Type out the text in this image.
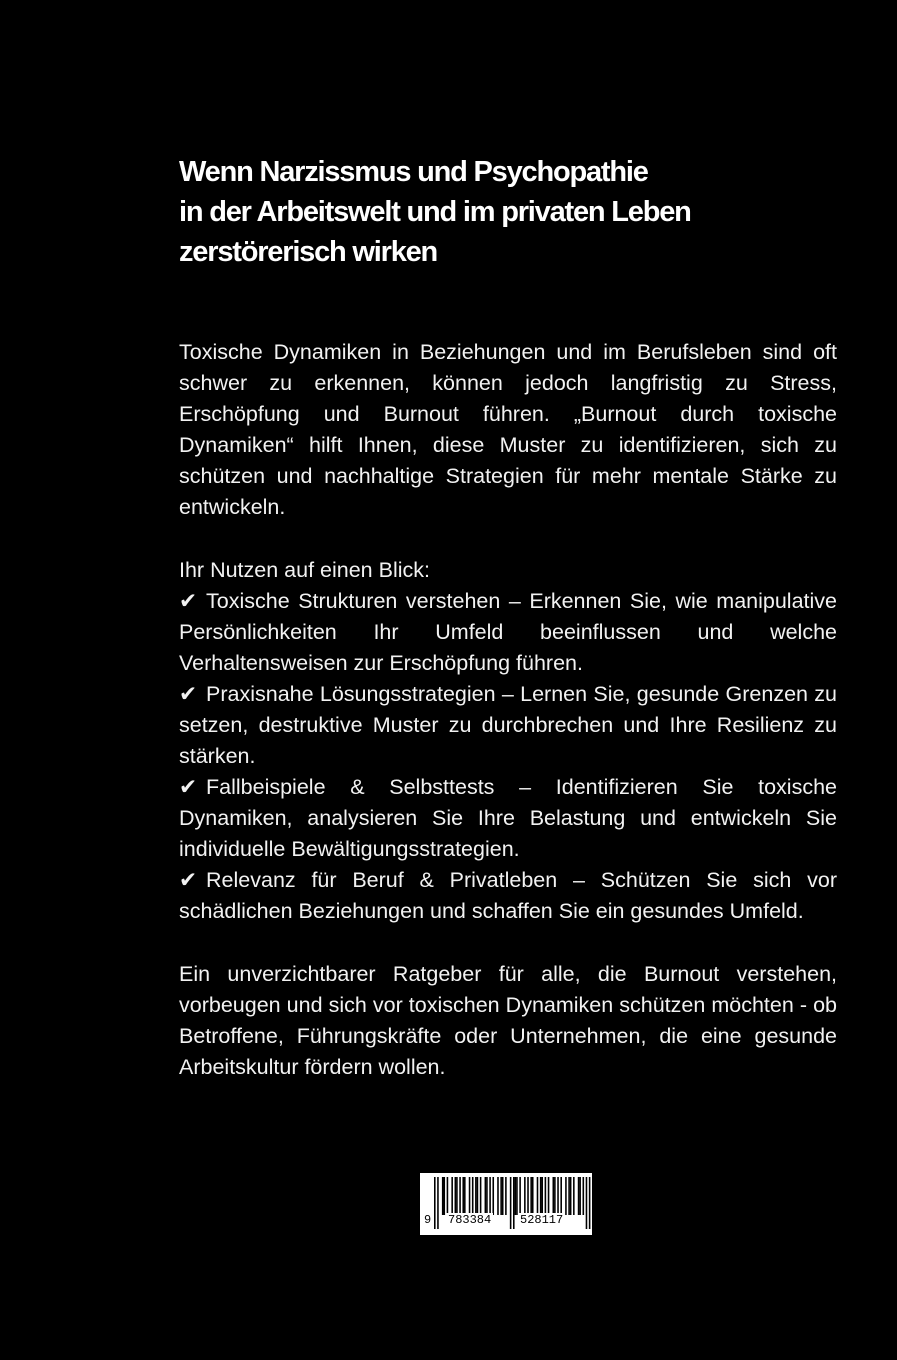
Wenn Narzissmus und Psychopathie
in der Arbeitswelt und im privaten Leben
zerstörerisch wirken

Toxische Dynamiken in Beziehungen und im Berufsleben sind oft schwer zu erkennen, können jedoch langfristig zu Stress, Erschöpfung und Burnout führen. „Burnout durch toxische Dynamiken“ hilft Ihnen, diese Muster zu identifizieren, sich zu schützen und nachhaltige Strategien für mehr mentale Stärke zu entwickeln.

Ihr Nutzen auf einen Blick:
✔ Toxische Strukturen verstehen – Erkennen Sie, wie manipulative Persönlichkeiten Ihr Umfeld beeinflussen und welche Verhaltensweisen zur Erschöpfung führen.
✔ Praxisnahe Lösungsstrategien – Lernen Sie, gesunde Grenzen zu setzen, destruktive Muster zu durchbrechen und Ihre Resilienz zu stärken.
✔ Fallbeispiele & Selbsttests – Identifizieren Sie toxische Dynamiken, analysieren Sie Ihre Belastung und entwickeln Sie individuelle Bewältigungsstrategien.
✔ Relevanz für Beruf & Privatleben – Schützen Sie sich vor schädlichen Beziehungen und schaffen Sie ein gesundes Umfeld.

Ein unverzichtbarer Ratgeber für alle, die Burnout verstehen, vorbeugen und sich vor toxischen Dynamiken schützen möchten - ob Betroffene, Führungskräfte oder Unternehmen, die eine gesunde Arbeitskultur fördern wollen.

9 783384 528117
